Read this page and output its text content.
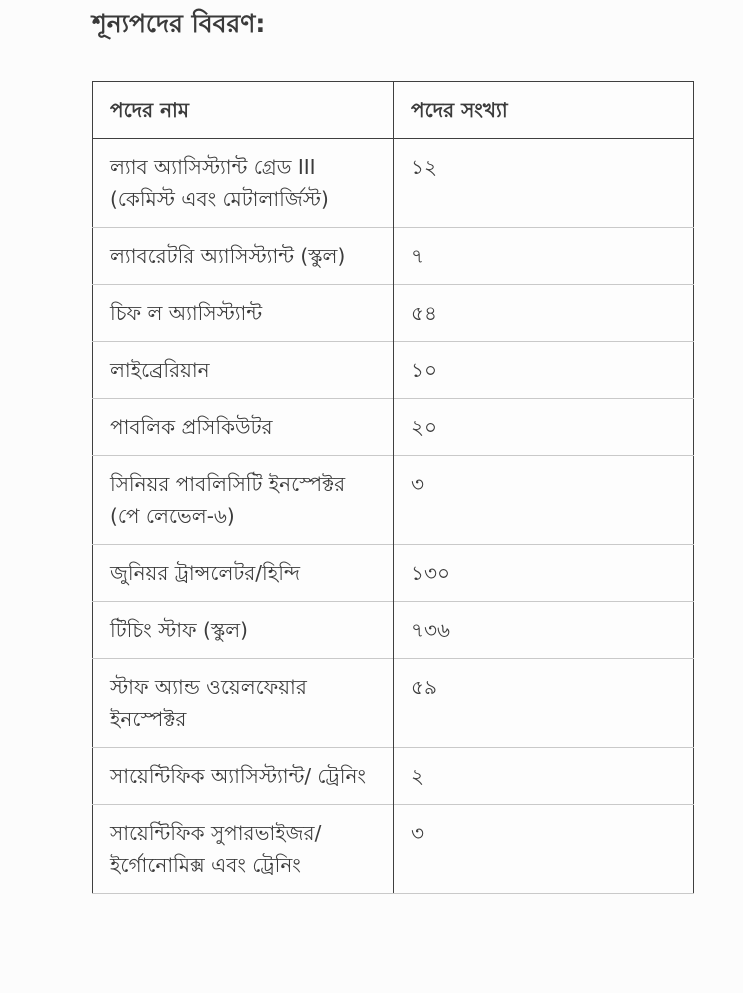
শূন্যপদের বিবরণ:
পদের নাম	পদের সংখ্যা
ল্যাব অ্যাসিস্ট্যান্ট গ্রেড III (কেমিস্ট এবং মেটালার্জিস্ট)	১২
ল্যাবরেটরি অ্যাসিস্ট্যান্ট (স্কুল)	৭
চিফ ল অ্যাসিস্ট্যান্ট	৫৪
লাইব্রেরিয়ান	১০
পাবলিক প্রসিকিউটর	২০
সিনিয়র পাবলিসিটি ইনস্পেক্টর (পে লেভেল-৬)	৩
জুনিয়র ট্রান্সলেটর/হিন্দি	১৩০
টিচিং স্টাফ (স্কুল)	৭৩৬
স্টাফ অ্যান্ড ওয়েলফেয়ার ইনস্পেক্টর	৫৯
সায়েন্টিফিক অ্যাসিস্ট্যান্ট/ ট্রেনিং	২
সায়েন্টিফিক সুপারভাইজর/ ইর্গোনোমিক্স এবং ট্রেনিং	৩
